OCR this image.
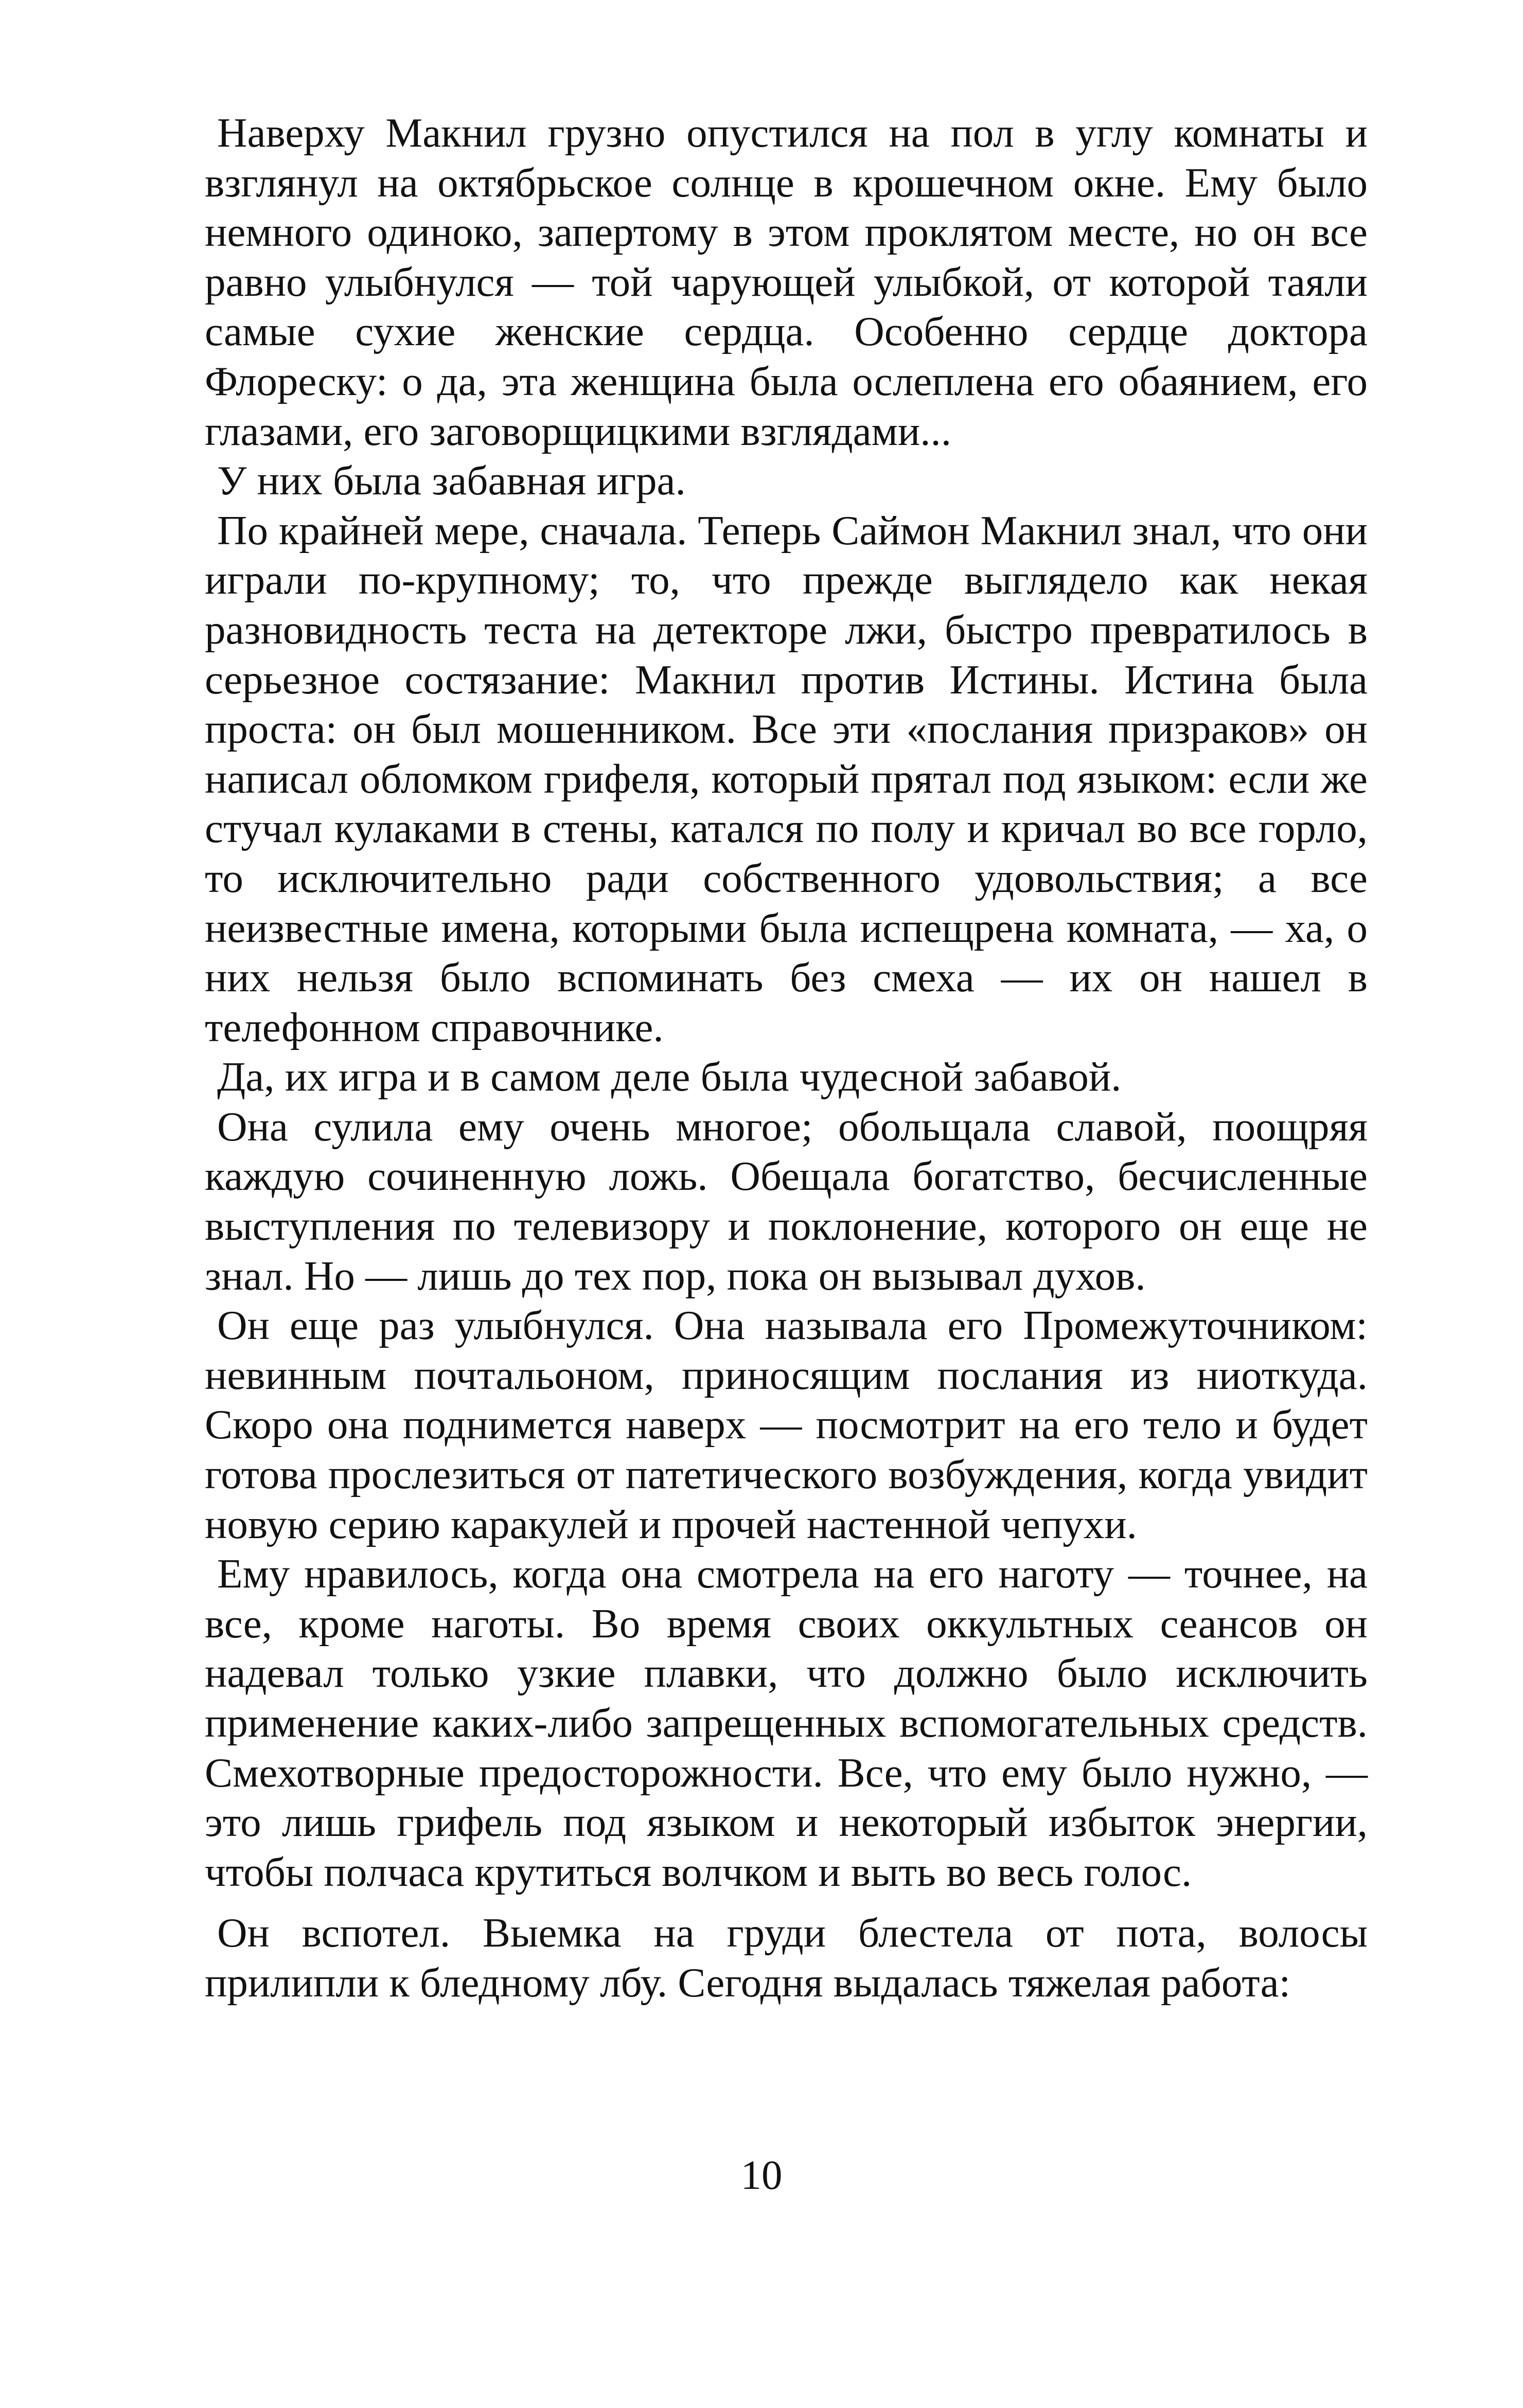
Наверху Макнил грузно опустился на пол в углу комнаты и взглянул на октябрьское солнце в крошечном окне. Ему было немного одиноко, запертому в этом проклятом месте, но он все равно улыбнулся — той чарующей улыбкой, от которой таяли самые сухие женские сердца. Особенно сердце доктора Флореску: о да, эта женщина была ослеплена его обаянием, его глазами, его заговорщицкими взглядами...

У них была забавная игра.

По крайней мере, сначала. Теперь Саймон Макнил знал, что они играли по-крупному; то, что прежде выглядело как некая разновидность теста на детекторе лжи, быстро превратилось в серьезное состязание: Макнил против Истины. Истина была проста: он был мошенником. Все эти «послания призраков» он написал обломком грифеля, который прятал под языком: если же стучал кулаками в стены, катался по полу и кричал во все горло, то исключительно ради собственного удовольствия; а все неизвестные имена, которыми была испещрена комната, — ха, о них нельзя было вспоминать без смеха — их он нашел в телефонном справочнике.

Да, их игра и в самом деле была чудесной забавой.

Она сулила ему очень многое; обольщала славой, поощряя каждую сочиненную ложь. Обещала богатство, бесчисленные выступления по телевизору и поклонение, которого он еще не знал. Но — лишь до тех пор, пока он вызывал духов.

Он еще раз улыбнулся. Она называла его Промежуточником: невинным почтальоном, приносящим послания из ниоткуда. Скоро она поднимется наверх — посмотрит на его тело и будет готова прослезиться от патетического возбуждения, когда увидит новую серию каракулей и прочей настенной чепухи.

Ему нравилось, когда она смотрела на его наготу — точнее, на все, кроме наготы. Во время своих оккультных сеансов он надевал только узкие плавки, что должно было исключить применение каких-либо запрещенных вспомогательных средств. Смехотворные предосторожности. Все, что ему было нужно, — это лишь грифель под языком и некоторый избыток энергии, чтобы полчаса крутиться волчком и выть во весь голос.

Он вспотел. Выемка на груди блестела от пота, волосы прилипли к бледному лбу. Сегодня выдалась тяжелая работа:

10
